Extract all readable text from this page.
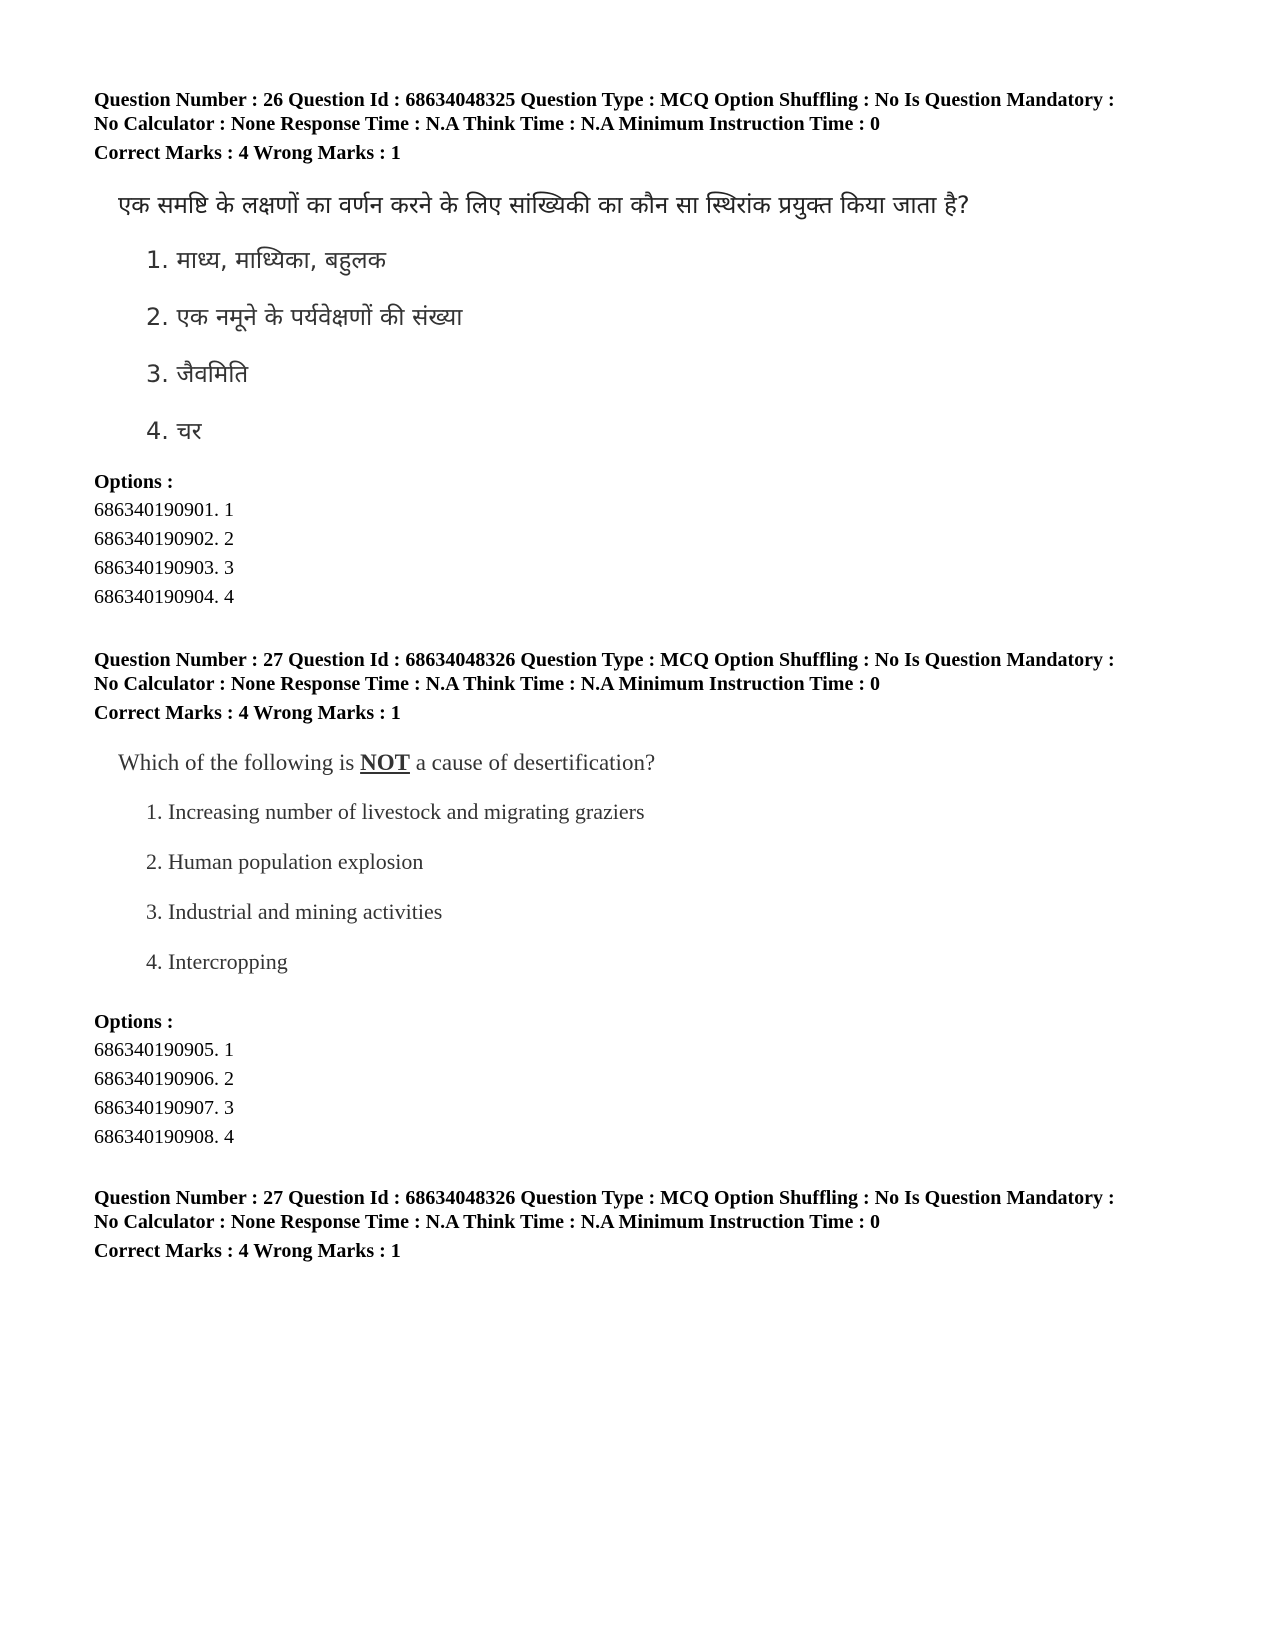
Question Number : 26 Question Id : 68634048325 Question Type : MCQ Option Shuffling : No Is Question Mandatory :
No Calculator : None Response Time : N.A Think Time : N.A Minimum Instruction Time : 0
Correct Marks : 4 Wrong Marks : 1
एक समष्टि के लक्षणों का वर्णन करने के लिए सांख्यिकी का कौन सा स्थिरांक प्रयुक्त किया जाता है?
1. माध्य, माध्यिका, बहुलक
2. एक नमूने के पर्यवेक्षणों की संख्या
3. जैवमिति
4. चर
Options :
686340190901. 1
686340190902. 2
686340190903. 3
686340190904. 4
Question Number : 27 Question Id : 68634048326 Question Type : MCQ Option Shuffling : No Is Question Mandatory :
No Calculator : None Response Time : N.A Think Time : N.A Minimum Instruction Time : 0
Correct Marks : 4 Wrong Marks : 1
Which of the following is NOT a cause of desertification?
1. Increasing number of livestock and migrating graziers
2. Human population explosion
3. Industrial and mining activities
4. Intercropping
Options :
686340190905. 1
686340190906. 2
686340190907. 3
686340190908. 4
Question Number : 27 Question Id : 68634048326 Question Type : MCQ Option Shuffling : No Is Question Mandatory :
No Calculator : None Response Time : N.A Think Time : N.A Minimum Instruction Time : 0
Correct Marks : 4 Wrong Marks : 1
